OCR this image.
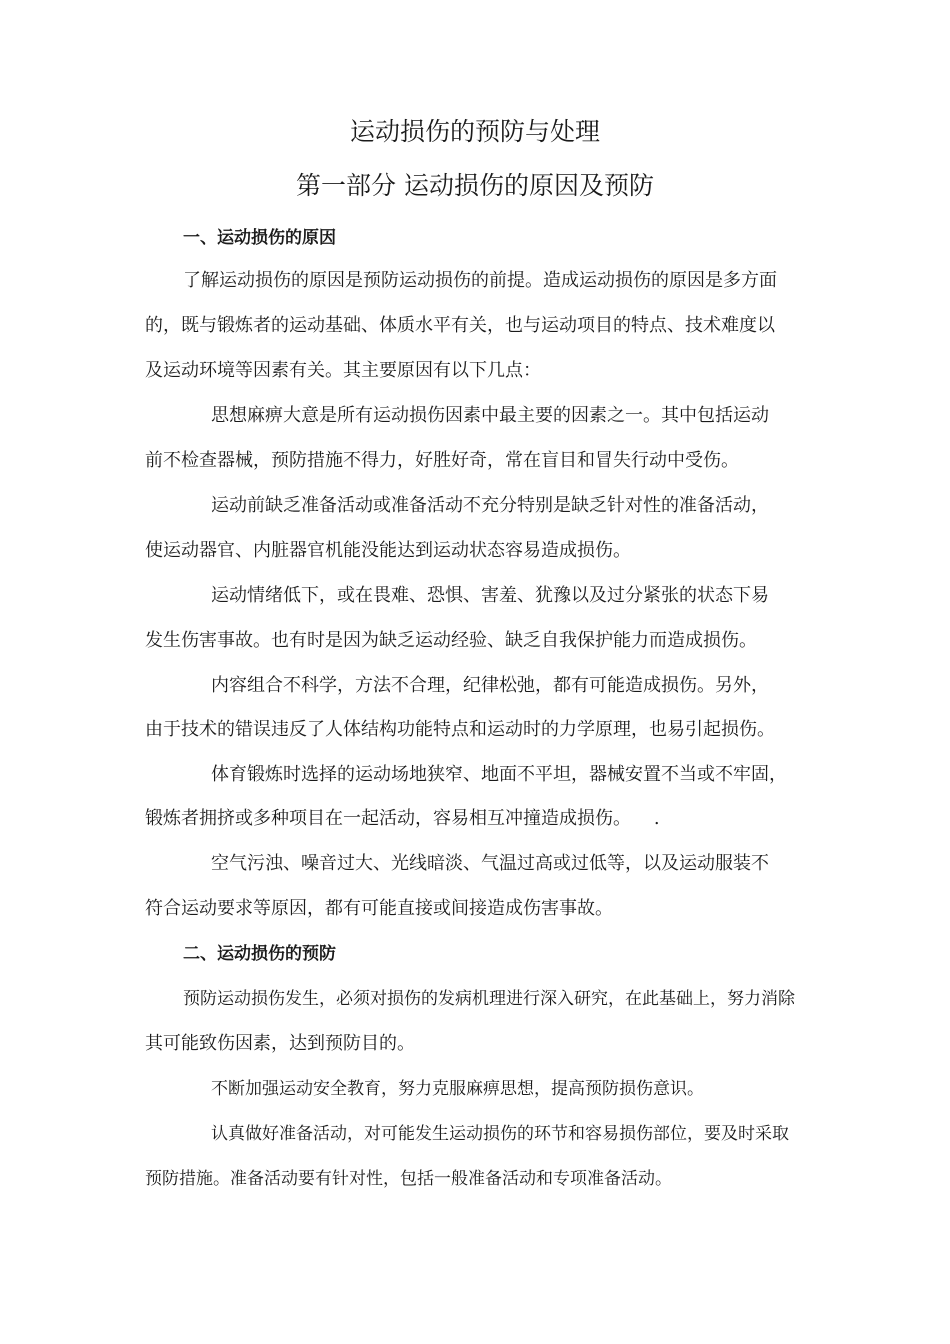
运动损伤的预防与处理
第一部分 运动损伤的原因及预防
一、运动损伤的原因
了解运动损伤的原因是预防运动损伤的前提。造成运动损伤的原因是多方面
的，既与锻炼者的运动基础、体质水平有关，也与运动项目的特点、技术难度以
及运动环境等因素有关。其主要原因有以下几点：
思想麻痹大意是所有运动损伤因素中最主要的因素之一。其中包括运动
前不检查器械，预防措施不得力，好胜好奇，常在盲目和冒失行动中受伤。
运动前缺乏准备活动或准备活动不充分特别是缺乏针对性的准备活动，
使运动器官、内脏器官机能没能达到运动状态容易造成损伤。
运动情绪低下，或在畏难、恐惧、害羞、犹豫以及过分紧张的状态下易
发生伤害事故。也有时是因为缺乏运动经验、缺乏自我保护能力而造成损伤。
内容组合不科学，方法不合理，纪律松弛，都有可能造成损伤。另外，
由于技术的错误违反了人体结构功能特点和运动时的力学原理，也易引起损伤。
体育锻炼时选择的运动场地狭窄、地面不平坦，器械安置不当或不牢固，
锻炼者拥挤或多种项目在一起活动，容易相互冲撞造成损伤。    .
空气污浊、噪音过大、光线暗淡、气温过高或过低等，以及运动服装不
符合运动要求等原因，都有可能直接或间接造成伤害事故。
二、运动损伤的预防
预防运动损伤发生，必须对损伤的发病机理进行深入研究，在此基础上，努力消除
其可能致伤因素，达到预防目的。
不断加强运动安全教育，努力克服麻痹思想，提高预防损伤意识。
认真做好准备活动，对可能发生运动损伤的环节和容易损伤部位，要及时采取
预防措施。准备活动要有针对性，包括一般准备活动和专项准备活动。
